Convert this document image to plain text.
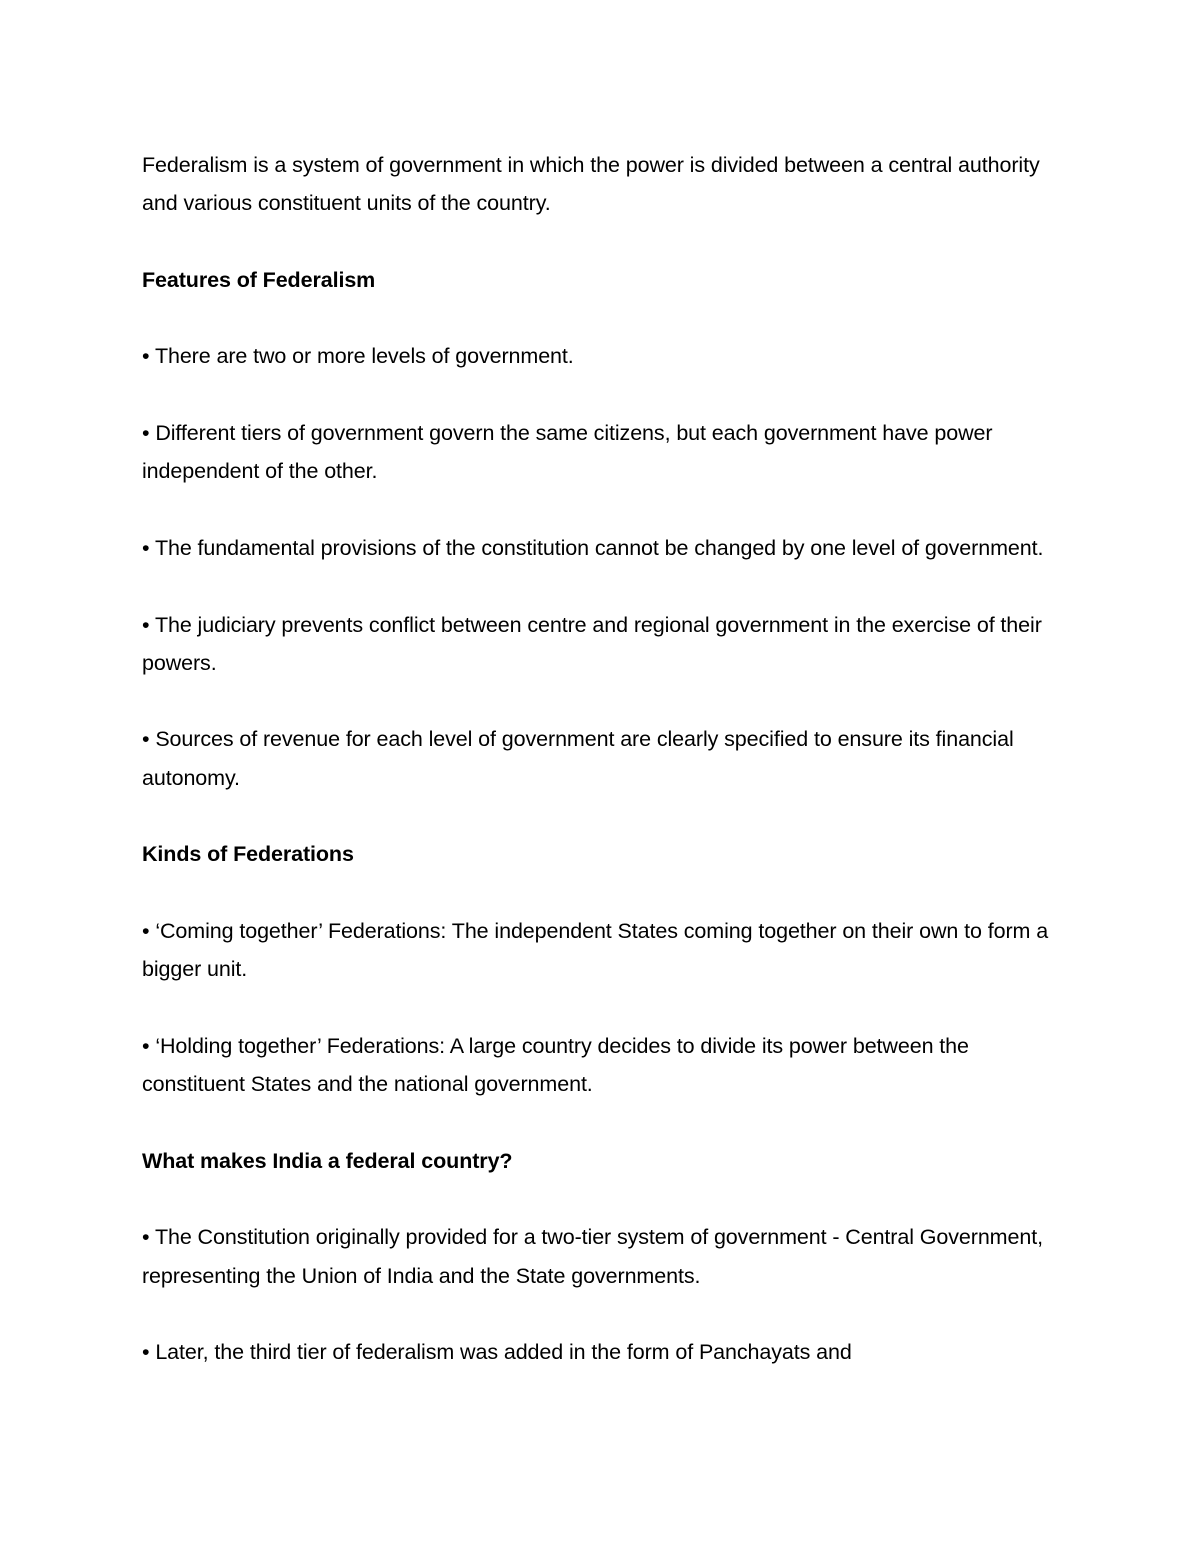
Federalism is a system of government in which the power is divided between a central authority and various constituent units of the country.

Features of Federalism

• There are two or more levels of government.

• Different tiers of government govern the same citizens, but each government have power independent of the other.

• The fundamental provisions of the constitution cannot be changed by one level of government.

• The judiciary prevents conflict between centre and regional government in the exercise of their powers.

• Sources of revenue for each level of government are clearly specified to ensure its financial autonomy.

Kinds of Federations

• ‘Coming together’ Federations: The independent States coming together on their own to form a bigger unit.

• ‘Holding together’ Federations: A large country decides to divide its power between the constituent States and the national government.

What makes India a federal country?

• The Constitution originally provided for a two-tier system of government - Central Government, representing the Union of India and the State governments.

• Later, the third tier of federalism was added in the form of Panchayats and
